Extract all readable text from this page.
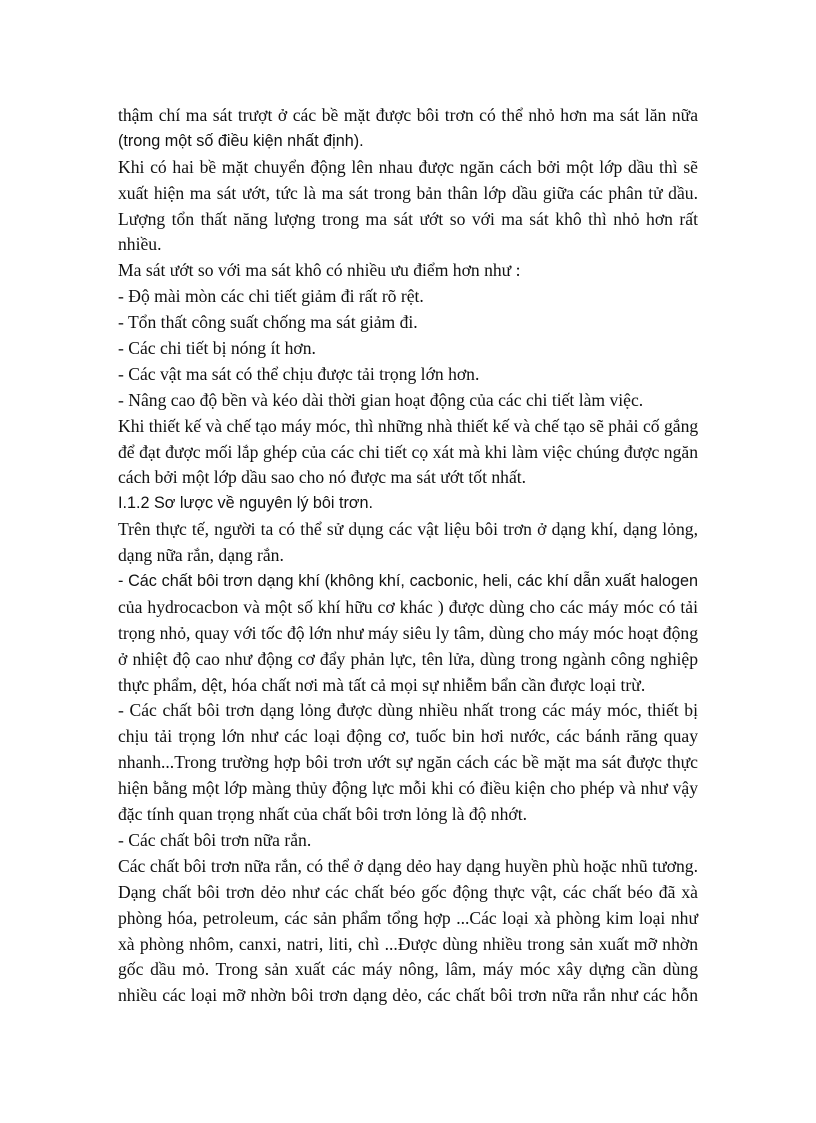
thậm chí ma sát trượt ở các bề mặt được bôi trơn có thể nhỏ hơn ma sát lăn nữa
(trong một số điều kiện nhất định).
Khi có hai bề mặt chuyển động lên nhau được ngăn cách bởi một lớp dầu thì sẽ
xuất hiện ma sát ướt, tức là ma sát trong bản thân lớp dầu giữa các phân tử dầu.
Lượng tổn thất năng lượng trong ma sát ướt so với ma sát khô thì nhỏ hơn rất
nhiều.
Ma sát ướt so với ma sát khô có nhiều ưu điểm hơn như :
- Độ mài mòn các chi tiết giảm đi rất rõ rệt.
- Tổn thất công suất chống ma sát giảm đi.
- Các chi tiết bị nóng ít hơn.
- Các vật ma sát có thể chịu được tải trọng lớn hơn.
- Nâng cao độ bền và kéo dài thời gian hoạt động của các chi tiết làm việc.
Khi thiết kế và chế tạo máy móc, thì những nhà thiết kế và chế tạo sẽ phải cố gắng
để đạt được mối lắp ghép của các chi tiết cọ xát mà khi làm việc chúng được ngăn
cách bởi một lớp dầu sao cho nó được ma sát ướt tốt nhất.
I.1.2 Sơ lược về nguyên lý bôi trơn.
Trên thực tế, người ta có thể sử dụng các vật liệu bôi trơn ở dạng khí, dạng lỏng,
dạng nữa rắn, dạng rắn.
- Các chất bôi trơn dạng khí (không khí, cacbonic, heli, các khí dẫn xuất halogen
của hydrocacbon và một số khí hữu cơ khác ) được dùng cho các máy móc có tải
trọng nhỏ, quay với tốc độ lớn như máy siêu ly tâm, dùng cho máy móc hoạt động
ở nhiệt độ cao như động cơ đẩy phản lực, tên lửa, dùng trong ngành công nghiệp
thực phẩm, dệt, hóa chất nơi mà tất cả mọi sự nhiễm bẩn cần được loại trừ.
- Các chất bôi trơn dạng lỏng được dùng nhiều nhất trong các máy móc, thiết bị
chịu tải trọng lớn như các loại động cơ, tuốc bin hơi nước, các bánh răng quay
nhanh...Trong trường hợp bôi trơn ướt sự ngăn cách các bề mặt ma sát được thực
hiện bằng một lớp màng thủy động lực mỗi khi có điều kiện cho phép và như vậy
đặc tính quan trọng nhất của chất bôi trơn lỏng là độ nhớt.
- Các chất bôi trơn nữa rắn.
Các chất bôi trơn nữa rắn, có thể ở dạng dẻo hay dạng huyền phù hoặc nhũ tương.
Dạng chất bôi trơn dẻo như các chất béo gốc động thực vật, các chất béo đã xà
phòng hóa, petroleum, các sản phẩm tổng hợp ...Các loại xà phòng kim loại như
xà phòng nhôm, canxi, natri, liti, chì ...Được dùng nhiều trong sản xuất mỡ nhờn
gốc dầu mỏ. Trong sản xuất các máy nông, lâm, máy móc xây dựng cần dùng
nhiều các loại mỡ nhờn bôi trơn dạng dẻo, các chất bôi trơn nữa rắn như các hỗn
